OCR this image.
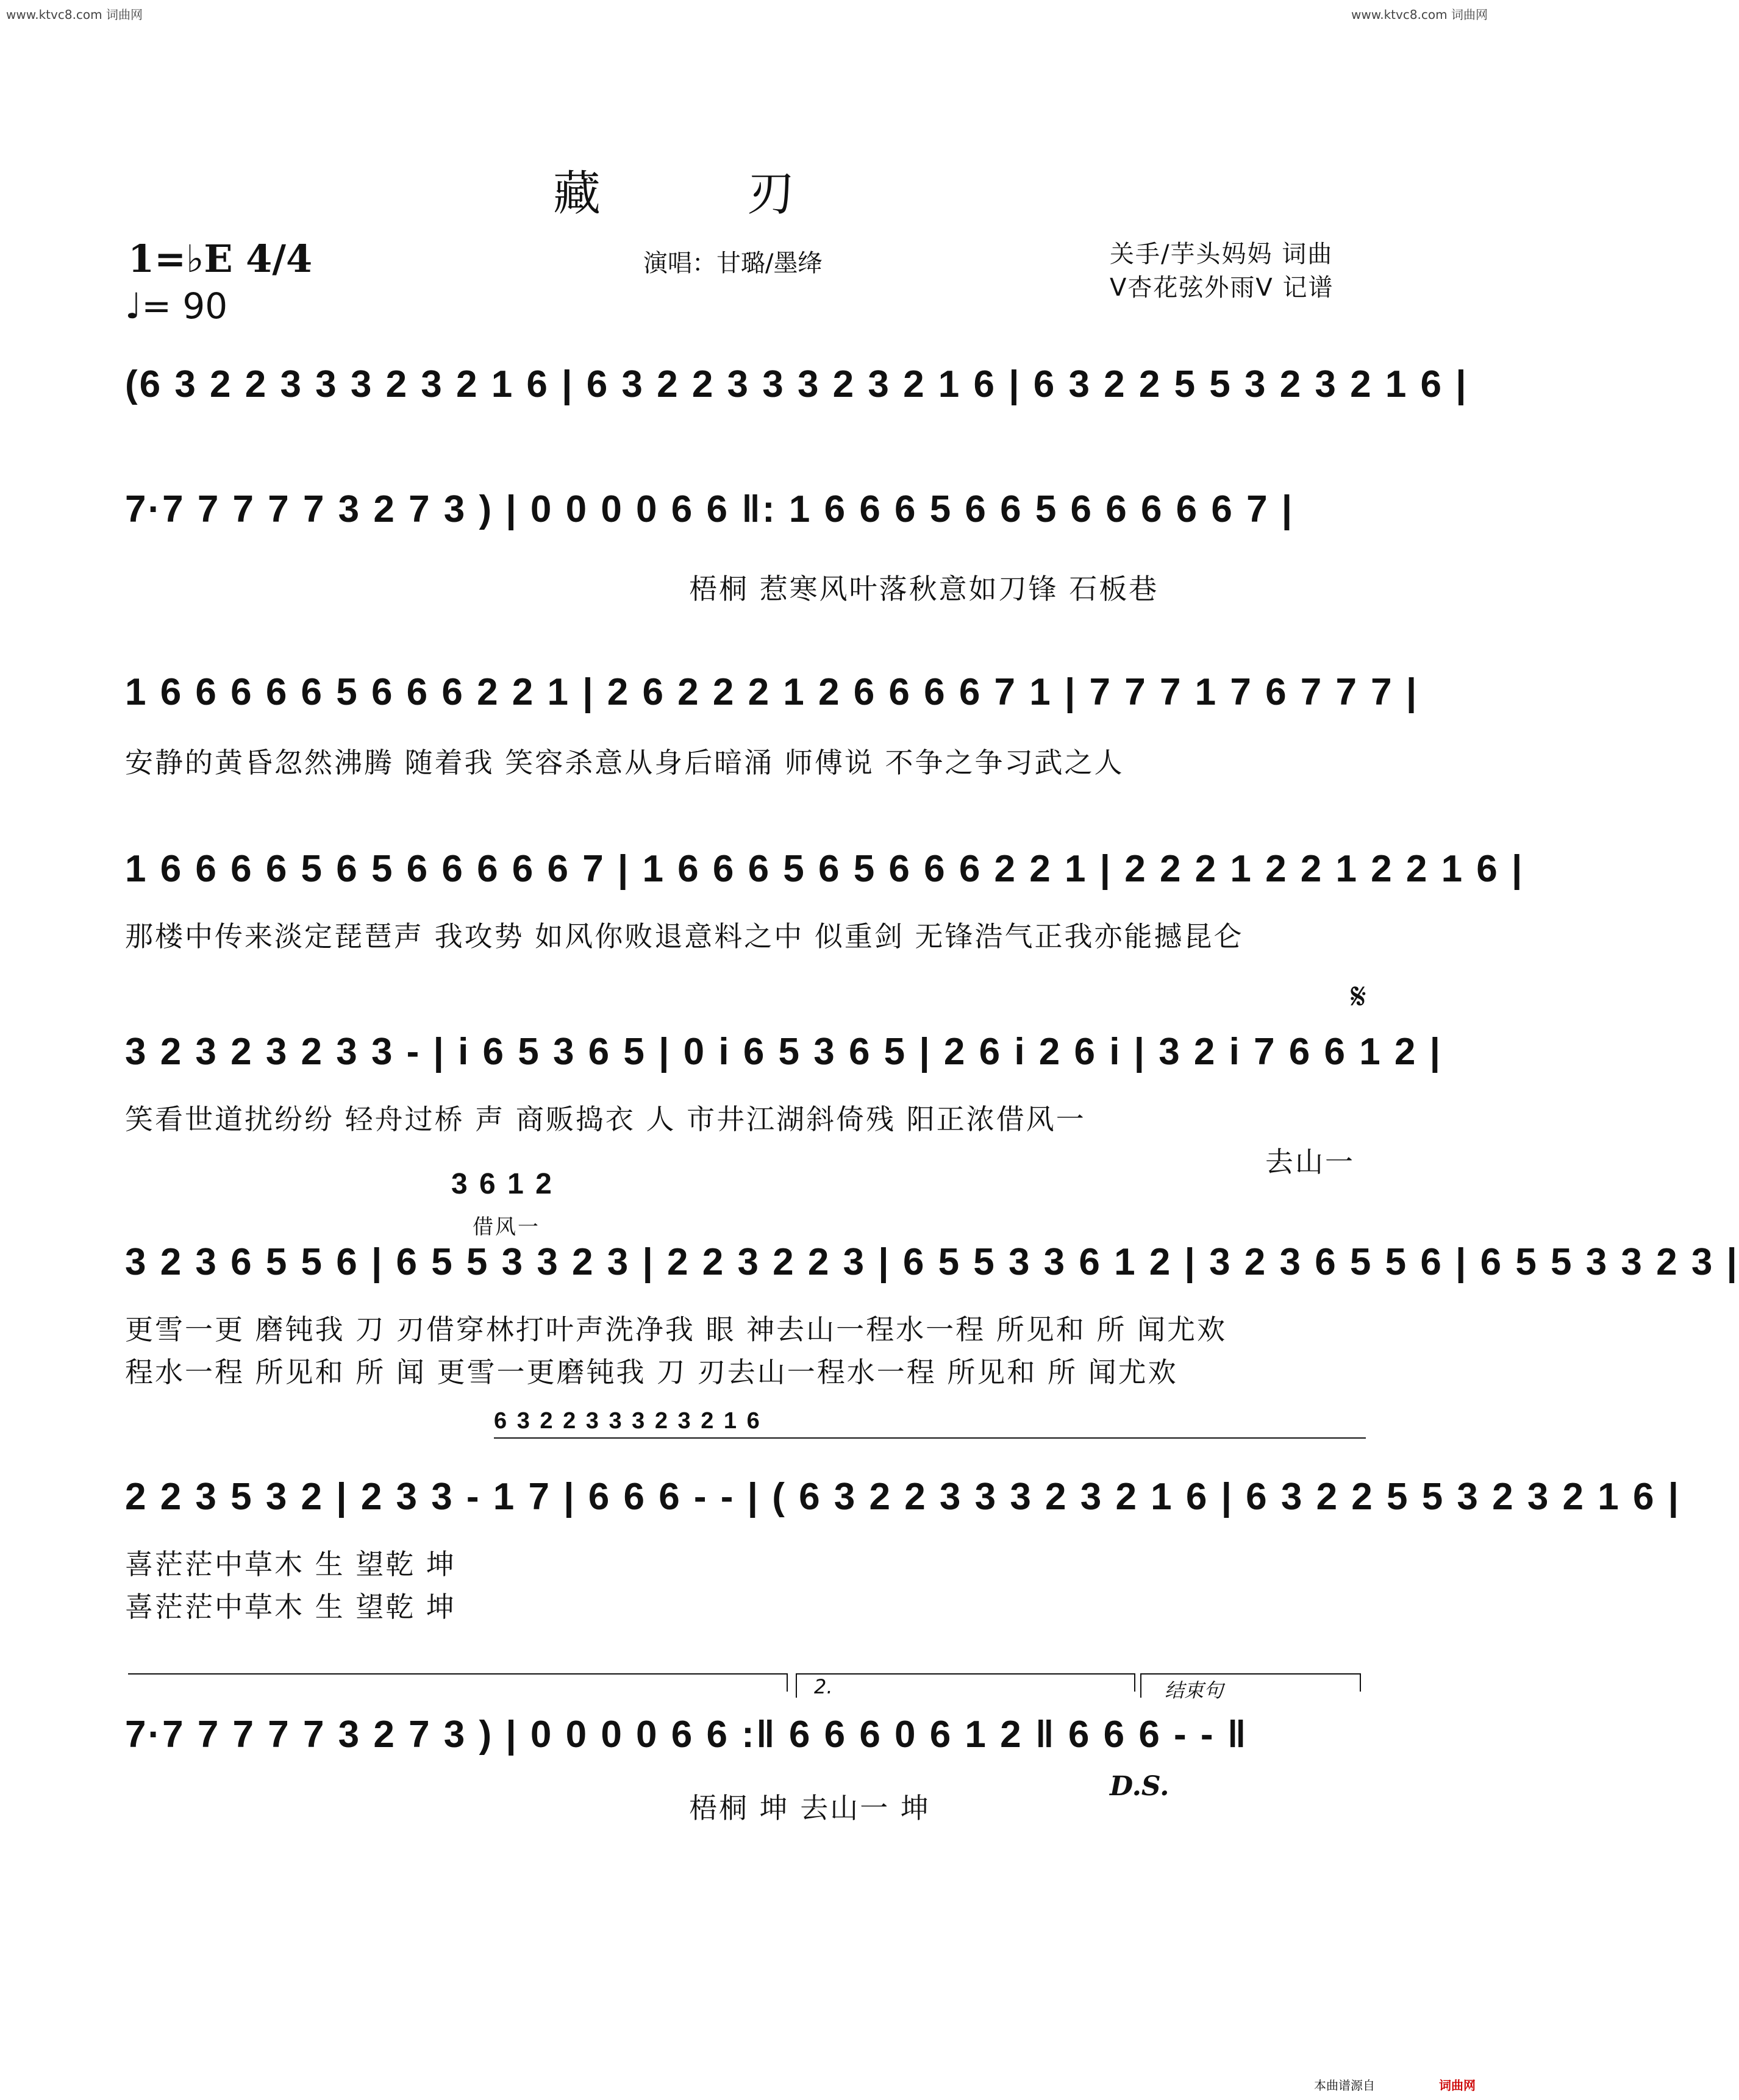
www.ktvc8.com 词曲网	www.ktvc8.com 词曲网
藏刃
1=♭E 4/4
♩= 90
演唱：甘璐/墨绛	关手/芋头妈妈 词曲
V杏花弦外雨V 记谱
(6 3 2 2 3 3 3 2 3 2 1 6 | 6 3 2 2 3 3 3 2 3 2 1 6 | 6 3 2 2 5 5 3 2 3 2 1 6 |
7·7 7 7 7 7 3 2 7 3 ) | 0 0 0 0 6 6 ‖: 1 6 6 6 5 6 6 5 6 6 6 6 6 7 |
梧桐 惹寒风叶落秋意如刀锋 石板巷
1 6 6 6 6 6 5 6 6 6 2 2 1 | 2 6 2 2 2 1 2 6 6 6 6 7 1 | 7 7 7 1 7 6 7 7 7 |
安静的黄昏忽然沸腾 随着我 笑容杀意从身后暗涌 师傅说 不争之争习武之人
1 6 6 6 6 5 6 5 6 6 6 6 6 7 | 1 6 6 6 5 6 5 6 6 6 2 2 1 | 2 2 2 1 2 2 1 2 2 1 6 |
那楼中传来淡定琵琶声 我攻势 如风你败退意料之中 似重剑 无锋浩气正我亦能撼昆仑
𝄋
3 2 3 2 3 2 3 3 - | i 6 5 3 6 5 | 0 i 6 5 3 6 5 | 2 6 i 2 6 i | 3 2 i 7 6 6 1 2 |
笑看世道扰纷纷 轻舟过桥 声 商贩捣衣 人 市井江湖斜倚残 阳正浓借风一
去山一
3 6 1 2
借风一
3 2 3 6 5 5 6 | 6 5 5 3 3 2 3 | 2 2 3 2 2 3 | 6 5 5 3 3 6 1 2 | 3 2 3 6 5 5 6 | 6 5 5 3 3 2 3 |
更雪一更 磨钝我 刀 刃借穿林打叶声洗净我 眼 神去山一程水一程 所见和 所 闻尤欢
程水一程 所见和 所 闻 更雪一更磨钝我 刀 刃去山一程水一程 所见和 所 闻尤欢
6 3 2 2 3 3 3 2 3 2 1 6
2 2 3 5 3 2 | 2 3 3 - 1 7 | 6 6 6 - - | ( 6 3 2 2 3 3 3 2 3 2 1 6 | 6 3 2 2 5 5 3 2 3 2 1 6 |
喜茫茫中草木 生 望乾 坤
喜茫茫中草木 生 望乾 坤
2.	结束句
7·7 7 7 7 7 3 2 7 3 ) | 0 0 0 0 6 6 :‖ 6 6 6 0 6 1 2 ‖ 6 6 6 - - ‖
梧桐 坤 去山一 坤
D.S.
本曲谱源自	词曲网
